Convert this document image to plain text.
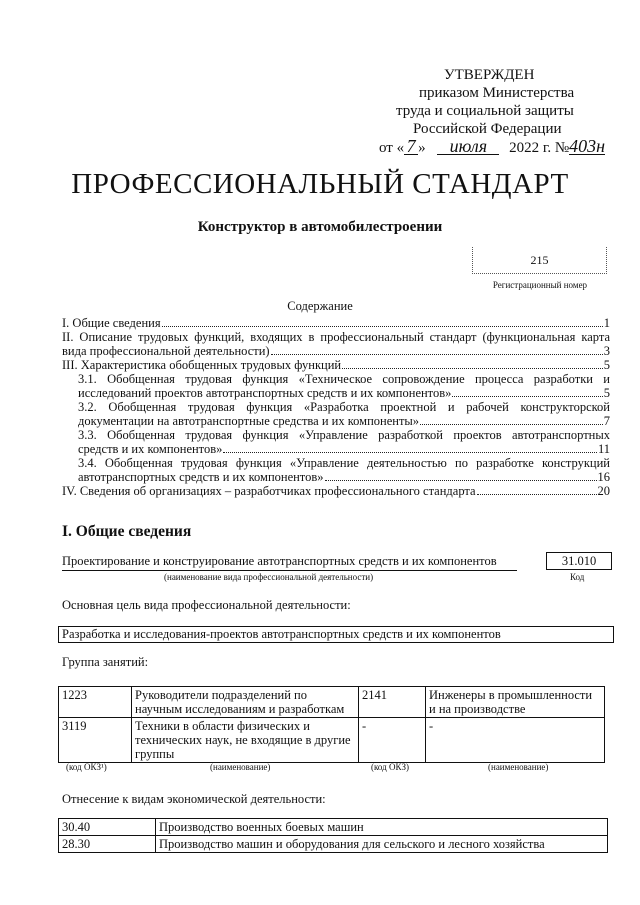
УТВЕРЖДЕН
приказом Министерства
труда и социальной защиты
Российской Федерации
от « 7 » июля 2022 г. №403н
ПРОФЕССИОНАЛЬНЫЙ СТАНДАРТ
Конструктор в автомобилестроении
215
Регистрационный номер
Содержание
I. Общие сведения	1
II. Описание трудовых функций, входящих в профессиональный стандарт (функциональная карта
вида профессиональной деятельности)	3
III. Характеристика обобщенных трудовых функций	5
3.1. Обобщенная трудовая функция «Техническое сопровождение процесса разработки и
исследований проектов автотранспортных средств и их компонентов»	5
3.2. Обобщенная трудовая функция «Разработка проектной и рабочей конструкторской
документации на автотранспортные средства и их компоненты»	7
3.3. Обобщенная трудовая функция «Управление разработкой проектов автотранспортных
средств и их компонентов»	11
3.4. Обобщенная трудовая функция «Управление деятельностью по разработке конструкций
автотранспортных средств и их компонентов»	16
IV. Сведения об организациях – разработчиках профессионального стандарта	20
I. Общие сведения
Проектирование и конструирование автотранспортных средств и их компонентов
(наименование вида профессиональной деятельности)
31.010
Код
Основная цель вида профессиональной деятельности:
Разработка и исследования-проектов автотранспортных средств и их компонентов
Группа занятий:
1223	Руководители подразделений по научным исследованиям и разработкам	2141	Инженеры в промышленности и на производстве
3119	Техники в области физических и технических наук, не входящие в другие группы	-	-
(код ОКЗ¹)	(наименование)	(код ОКЗ)	(наименование)
Отнесение к видам экономической деятельности:
30.40	Производство военных боевых машин
28.30	Производство машин и оборудования для сельского и лесного хозяйства
